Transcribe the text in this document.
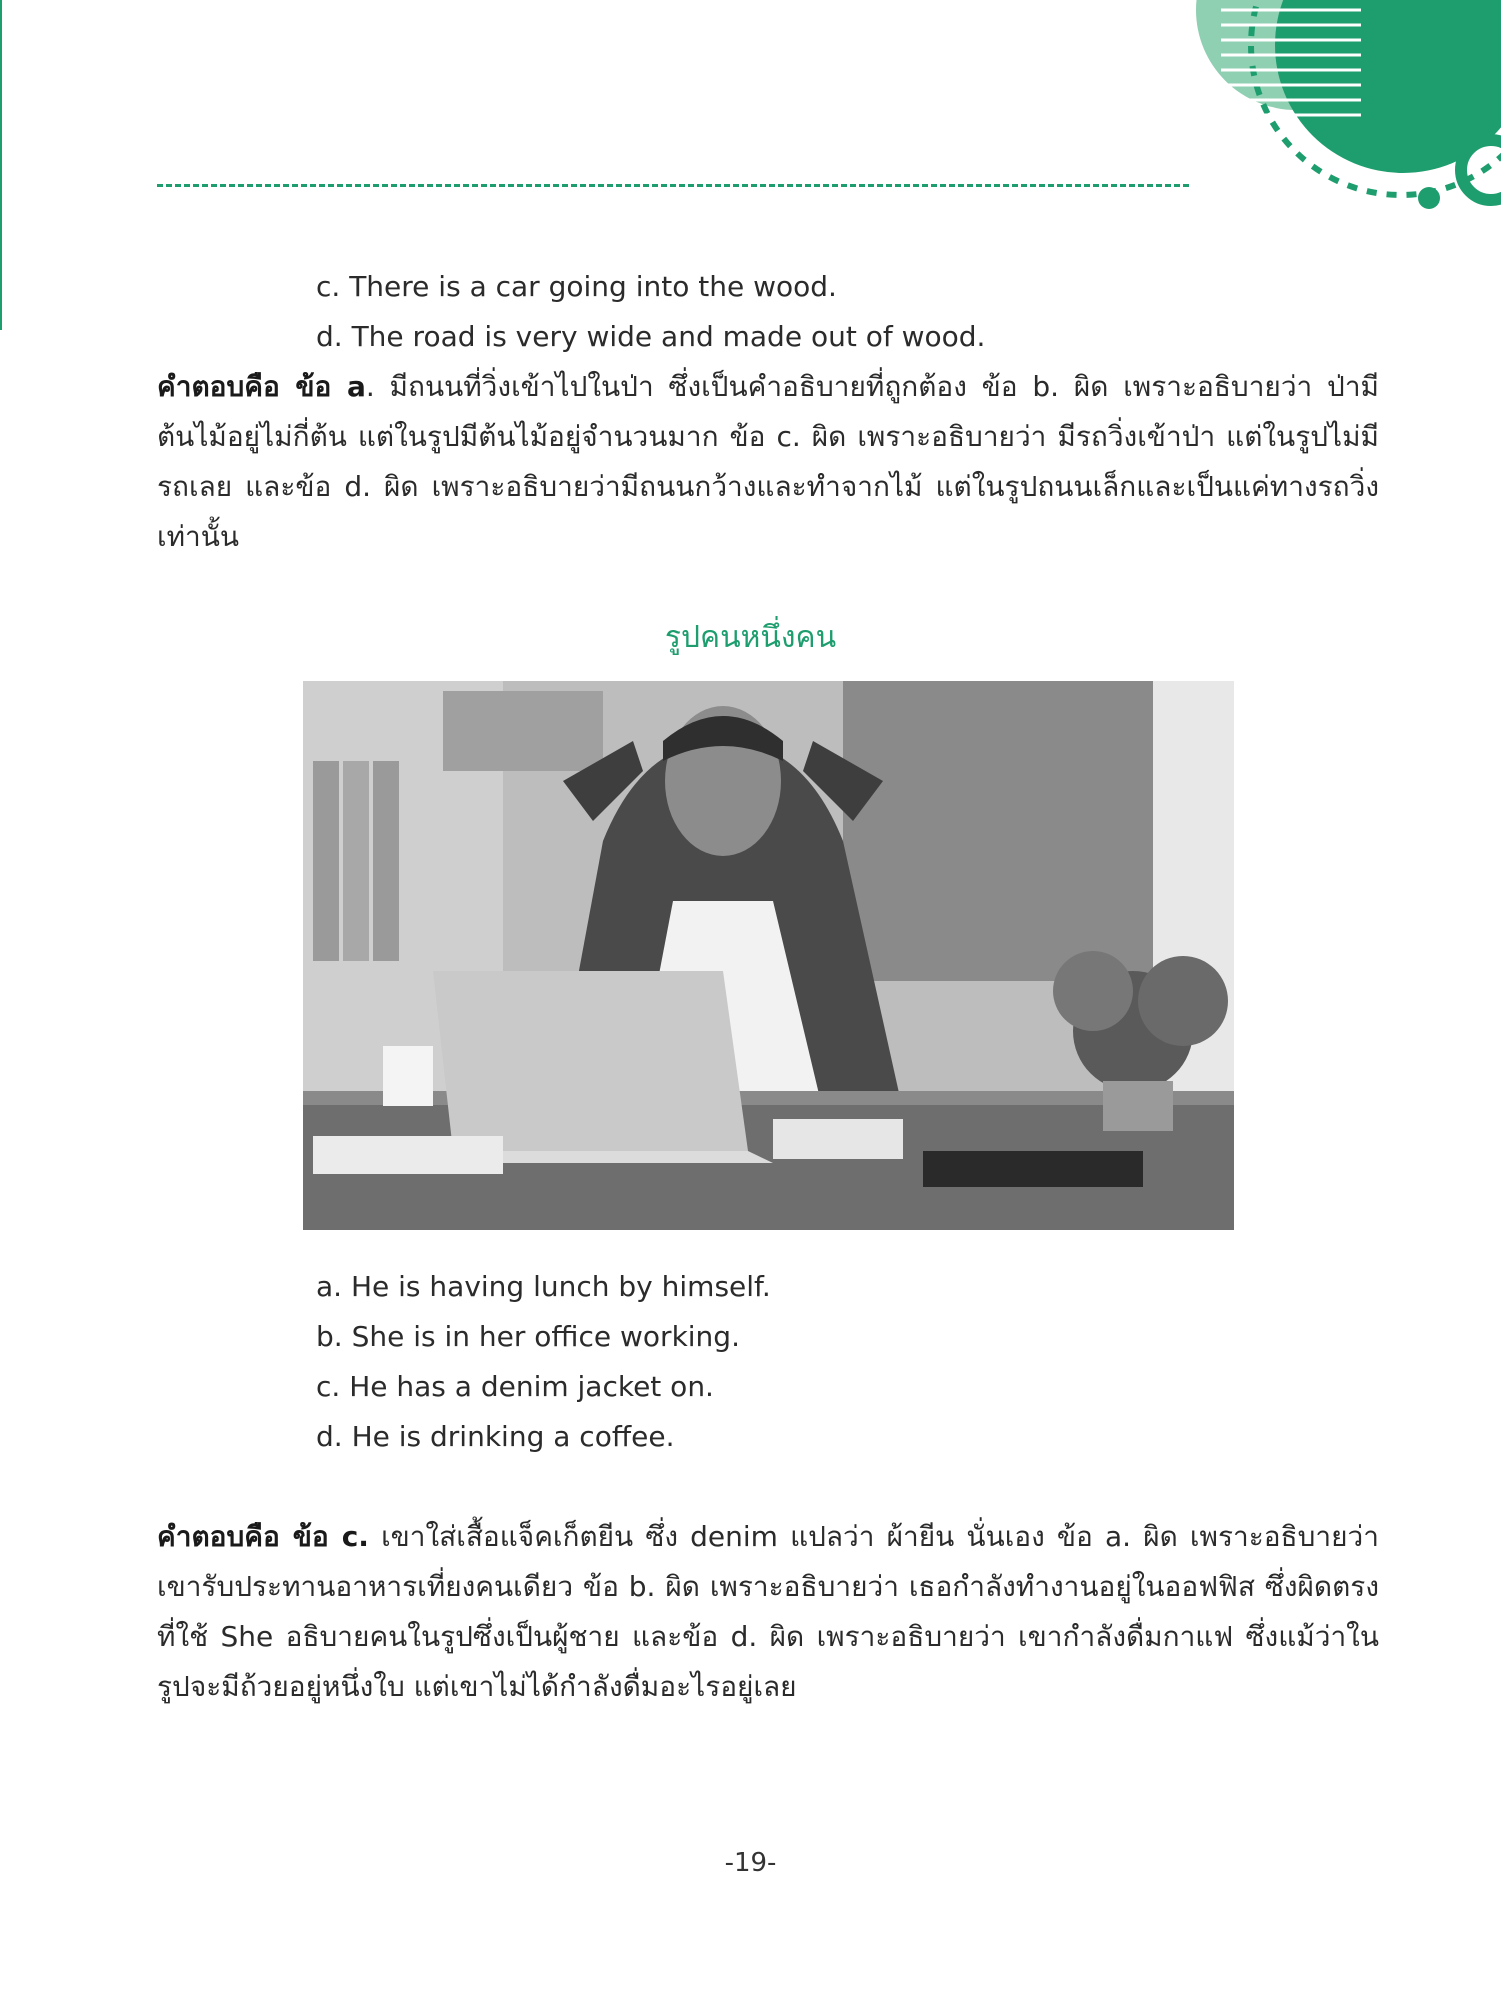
c. There is a car going into the wood.
d. The road is very wide and made out of wood.
คำตอบคือ ข้อ a. มีถนนที่วิ่งเข้าไปในป่า ซึ่งเป็นคำอธิบายที่ถูกต้อง ข้อ b. ผิด เพราะอธิบายว่า ป่ามีต้นไม้อยู่ไม่กี่ต้น แต่ในรูปมีต้นไม้อยู่จำนวนมาก ข้อ c. ผิด เพราะอธิบายว่า มีรถวิ่งเข้าป่า แต่ในรูปไม่มีรถเลย และข้อ d. ผิด เพราะอธิบายว่ามีถนนกว้างและทำจากไม้ แต่ในรูปถนนเล็กและเป็นแค่ทางรถวิ่งเท่านั้น
รูปคนหนึ่งคน
a. He is having lunch by himself.
b. She is in her office working.
c. He has a denim jacket on.
d. He is drinking a coffee.
คำตอบคือ ข้อ c. เขาใส่เสื้อแจ็คเก็ตยีน ซึ่ง denim แปลว่า ผ้ายีน นั่นเอง ข้อ a. ผิด เพราะอธิบายว่า เขารับประทานอาหารเที่ยงคนเดียว ข้อ b. ผิด เพราะอธิบายว่า เธอกำลังทำงานอยู่ในออฟฟิส ซึ่งผิดตรงที่ใช้ She อธิบายคนในรูปซึ่งเป็นผู้ชาย และข้อ d. ผิด เพราะอธิบายว่า เขากำลังดื่มกาแฟ ซึ่งแม้ว่าในรูปจะมีถ้วยอยู่หนึ่งใบ แต่เขาไม่ได้กำลังดื่มอะไรอยู่เลย
-19-
